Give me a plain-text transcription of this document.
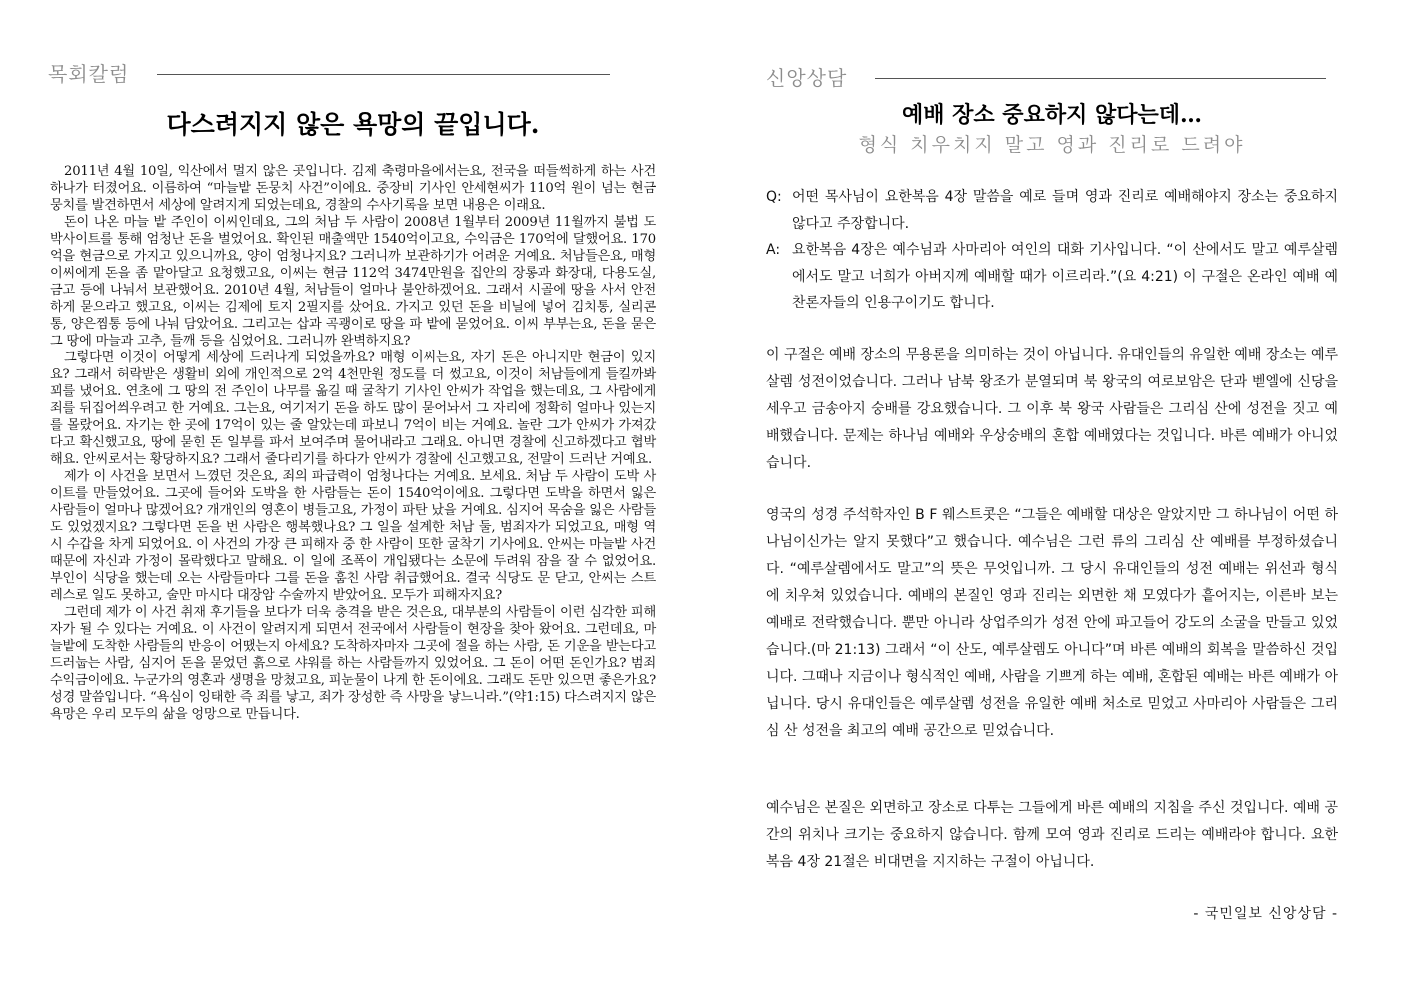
목회칼럼
다스려지지 않은 욕망의 끝입니다.

2011년 4월 10일, 익산에서 멀지 않은 곳입니다. 김제 축령마을에서는요, 전국을 떠들썩하게 하는 사건 하나가 터졌어요. 이름하여 “마늘밭 돈뭉치 사건”이에요. 중장비 기사인 안세현씨가 110억 원이 넘는 현금 뭉치를 발견하면서 세상에 알려지게 되었는데요, 경찰의 수사기록을 보면 내용은 이래요.

돈이 나온 마늘 밭 주인이 이씨인데요, 그의 처남 두 사람이 2008년 1월부터 2009년 11월까지 불법 도박사이트를 통해 엄청난 돈을 벌었어요. 확인된 매출액만 1540억이고요, 수익금은 170억에 달했어요. 170억을 현금으로 가지고 있으니까요, 양이 엄청나지요? 그러니까 보관하기가 어려운 거예요. 처남들은요, 매형 이씨에게 돈을 좀 맡아달고 요청했고요, 이씨는 현금 112억 3474만원을 집안의 장롱과 화장대, 다용도실, 금고 등에 나눠서 보관했어요. 2010년 4월, 처남들이 얼마나 불안하겠어요. 그래서 시골에 땅을 사서 안전하게 묻으라고 했고요, 이씨는 김제에 토지 2필지를 샀어요. 가지고 있던 돈을 비닐에 넣어 김치통, 실리콘통, 양은찜통 등에 나눠 담았어요. 그리고는 삽과 곡괭이로 땅을 파 밭에 묻었어요. 이씨 부부는요, 돈을 묻은 그 땅에 마늘과 고추, 들깨 등을 심었어요. 그러니까 완벽하지요?

그렇다면 이것이 어떻게 세상에 드러나게 되었을까요? 매형 이씨는요, 자기 돈은 아니지만 현금이 있지요? 그래서 허락받은 생활비 외에 개인적으로 2억 4천만원 정도를 더 썼고요, 이것이 처남들에게 들킬까봐 꾀를 냈어요. 연초에 그 땅의 전 주인이 나무를 옮길 때 굴착기 기사인 안씨가 작업을 했는데요, 그 사람에게 죄를 뒤집어씌우려고 한 거예요. 그는요, 여기저기 돈을 하도 많이 묻어놔서 그 자리에 정확히 얼마나 있는지를 몰랐어요. 자기는 한 곳에 17억이 있는 줄 알았는데 파보니 7억이 비는 거예요. 놀란 그가 안씨가 가져갔다고 확신했고요, 땅에 묻힌 돈 일부를 파서 보여주며 물어내라고 그래요. 아니면 경찰에 신고하겠다고 협박해요. 안씨로서는 황당하지요? 그래서 줄다리기를 하다가 안씨가 경찰에 신고했고요, 전말이 드러난 거예요.

제가 이 사건을 보면서 느꼈던 것은요, 죄의 파급력이 엄청나다는 거예요. 보세요. 처남 두 사람이 도박 사이트를 만들었어요. 그곳에 들어와 도박을 한 사람들는 돈이 1540억이에요. 그렇다면 도박을 하면서 잃은 사람들이 얼마나 많겠어요? 개개인의 영혼이 병들고요, 가정이 파탄 났을 거예요. 심지어 목숨을 잃은 사람들도 있었겠지요? 그렇다면 돈을 번 사람은 행복했나요? 그 일을 설계한 처남 둘, 범죄자가 되었고요, 매형 역시 수갑을 차게 되었어요. 이 사건의 가장 큰 피해자 중 한 사람이 또한 굴착기 기사에요. 안씨는 마늘밭 사건 때문에 자신과 가정이 몰락했다고 말해요. 이 일에 조폭이 개입됐다는 소문에 두려워 잠을 잘 수 없었어요. 부인이 식당을 했는데 오는 사람들마다 그를 돈을 훔친 사람 취급했어요. 결국 식당도 문 닫고, 안씨는 스트레스로 일도 못하고, 술만 마시다 대장암 수술까지 받았어요. 모두가 피해자지요?

그런데 제가 이 사건 취재 후기들을 보다가 더욱 충격을 받은 것은요, 대부분의 사람들이 이런 심각한 피해자가 될 수 있다는 거예요. 이 사건이 알려지게 되면서 전국에서 사람들이 현장을 찾아 왔어요. 그런데요, 마늘밭에 도착한 사람들의 반응이 어땠는지 아세요? 도착하자마자 그곳에 절을 하는 사람, 돈 기운을 받는다고 드러눕는 사람, 심지어 돈을 묻었던 흙으로 샤워를 하는 사람들까지 있었어요. 그 돈이 어떤 돈인가요? 범죄 수익금이에요. 누군가의 영혼과 생명을 망쳤고요, 피눈물이 나게 한 돈이에요. 그래도 돈만 있으면 좋은가요? 성경 말씀입니다. “욕심이 잉태한 즉 죄를 낳고, 죄가 장성한 즉 사망을 낳느니라.”(약1:15) 다스려지지 않은 욕망은 우리 모두의 삶을 엉망으로 만듭니다.

신앙상담
예배 장소 중요하지 않다는데…
형식 치우치지 말고 영과 진리로 드려야
Q: 어떤 목사님이 요한복음 4장 말씀을 예로 들며 영과 진리로 예배해야지 장소는 중요하지 않다고 주장합니다.
A: 요한복음 4장은 예수님과 사마리아 여인의 대화 기사입니다. “이 산에서도 말고 예루살렘에서도 말고 너희가 아버지께 예배할 때가 이르리라.”(요 4:21) 이 구절은 온라인 예배 예찬론자들의 인용구이기도 합니다.

이 구절은 예배 장소의 무용론을 의미하는 것이 아닙니다. 유대인들의 유일한 예배 장소는 예루살렘 성전이었습니다. 그러나 남북 왕조가 분열되며 북 왕국의 여로보암은 단과 벧엘에 신당을 세우고 금송아지 숭배를 강요했습니다. 그 이후 북 왕국 사람들은 그리심 산에 성전을 짓고 예배했습니다. 문제는 하나님 예배와 우상숭배의 혼합 예배였다는 것입니다. 바른 예배가 아니었습니다.

영국의 성경 주석학자인 B F 웨스트콧은 “그들은 예배할 대상은 알았지만 그 하나님이 어떤 하나님이신가는 알지 못했다”고 했습니다. 예수님은 그런 류의 그리심 산 예배를 부정하셨습니다. “예루살렘에서도 말고”의 뜻은 무엇입니까. 그 당시 유대인들의 성전 예배는 위선과 형식에 치우쳐 있었습니다. 예배의 본질인 영과 진리는 외면한 채 모였다가 흩어지는, 이른바 보는 예배로 전락했습니다. 뿐만 아니라 상업주의가 성전 안에 파고들어 강도의 소굴을 만들고 있었습니다.(마 21:13) 그래서 “이 산도, 예루살렘도 아니다”며 바른 예배의 회복을 말씀하신 것입니다. 그때나 지금이나 형식적인 예배, 사람을 기쁘게 하는 예배, 혼합된 예배는 바른 예배가 아닙니다. 당시 유대인들은 예루살렘 성전을 유일한 예배 처소로 믿었고 사마리아 사람들은 그리심 산 성전을 최고의 예배 공간으로 믿었습니다.

예수님은 본질은 외면하고 장소로 다투는 그들에게 바른 예배의 지침을 주신 것입니다. 예배 공간의 위치나 크기는 중요하지 않습니다. 함께 모여 영과 진리로 드리는 예배라야 합니다. 요한복음 4장 21절은 비대면을 지지하는 구절이 아닙니다.

- 국민일보 신앙상담 -
